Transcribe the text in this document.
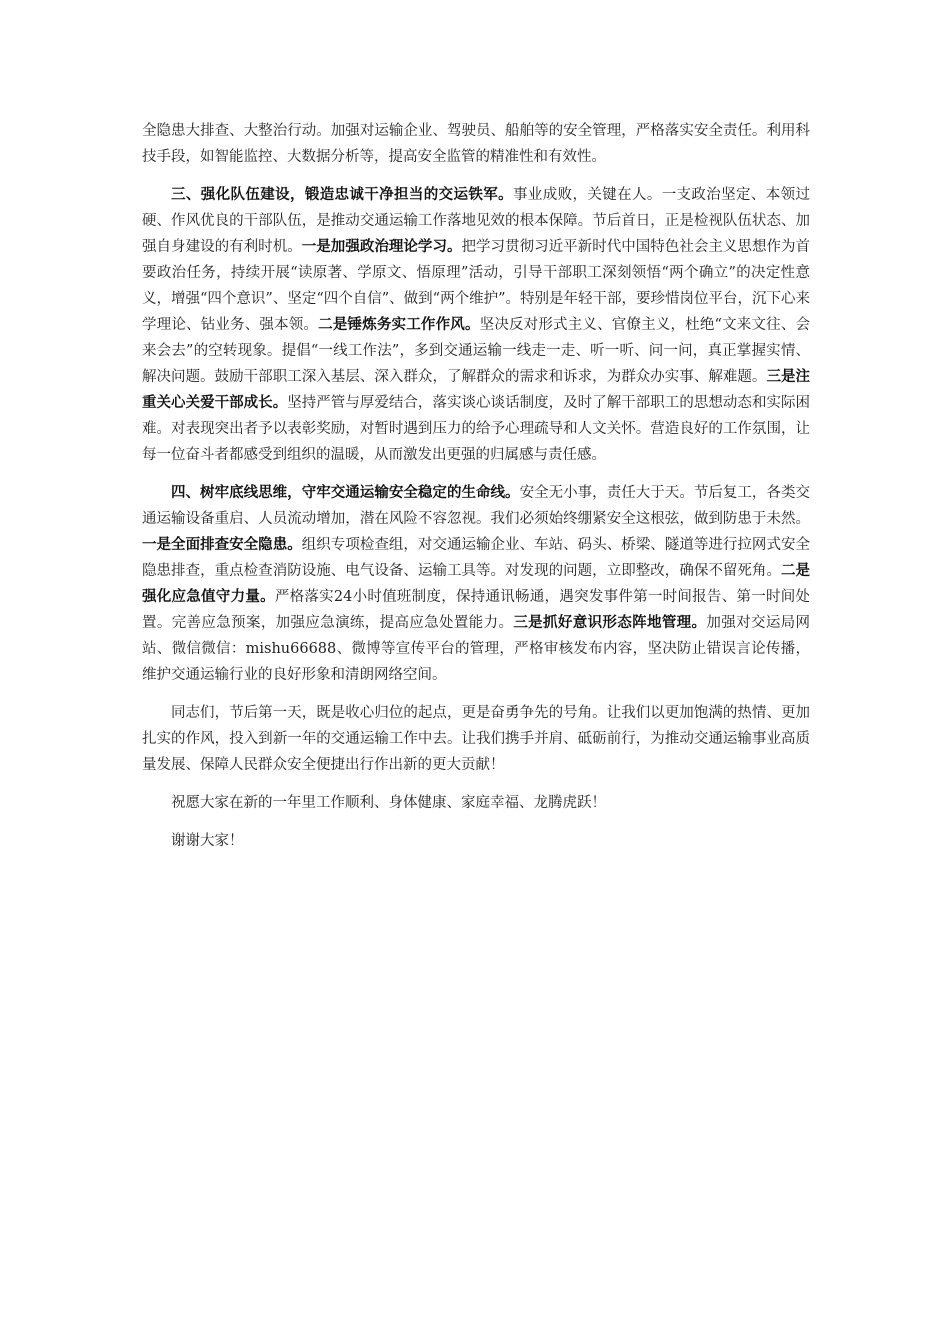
全隐患大排查、大整治行动。加强对运输企业、驾驶员、船舶等的安全管理，严格落实安全责任。利用科技手段，如智能监控、大数据分析等，提高安全监管的精准性和有效性。

三、强化队伍建设，锻造忠诚干净担当的交运铁军。事业成败，关键在人。一支政治坚定、本领过硬、作风优良的干部队伍，是推动交通运输工作落地见效的根本保障。节后首日，正是检视队伍状态、加强自身建设的有利时机。一是加强政治理论学习。把学习贯彻习近平新时代中国特色社会主义思想作为首要政治任务，持续开展“读原著、学原文、悟原理”活动，引导干部职工深刻领悟“两个确立”的决定性意义，增强“四个意识”、坚定“四个自信”、做到“两个维护”。特别是年轻干部，要珍惜岗位平台，沉下心来学理论、钻业务、强本领。二是锤炼务实工作作风。坚决反对形式主义、官僚主义，杜绝“文来文往、会来会去”的空转现象。提倡“一线工作法”，多到交通运输一线走一走、听一听、问一问，真正掌握实情、解决问题。鼓励干部职工深入基层、深入群众，了解群众的需求和诉求，为群众办实事、解难题。三是注重关心关爱干部成长。坚持严管与厚爱结合，落实谈心谈话制度，及时了解干部职工的思想动态和实际困难。对表现突出者予以表彰奖励，对暂时遇到压力的给予心理疏导和人文关怀。营造良好的工作氛围，让每一位奋斗者都感受到组织的温暖，从而激发出更强的归属感与责任感。

四、树牢底线思维，守牢交通运输安全稳定的生命线。安全无小事，责任大于天。节后复工，各类交通运输设备重启、人员流动增加，潜在风险不容忽视。我们必须始终绷紧安全这根弦，做到防患于未然。一是全面排查安全隐患。组织专项检查组，对交通运输企业、车站、码头、桥梁、隧道等进行拉网式安全隐患排查，重点检查消防设施、电气设备、运输工具等。对发现的问题，立即整改，确保不留死角。二是强化应急值守力量。严格落实24小时值班制度，保持通讯畅通，遇突发事件第一时间报告、第一时间处置。完善应急预案，加强应急演练，提高应急处置能力。三是抓好意识形态阵地管理。加强对交运局网站、微信微信：mishu66688、微博等宣传平台的管理，严格审核发布内容，坚决防止错误言论传播，维护交通运输行业的良好形象和清朗网络空间。

同志们，节后第一天，既是收心归位的起点，更是奋勇争先的号角。让我们以更加饱满的热情、更加扎实的作风，投入到新一年的交通运输工作中去。让我们携手并肩、砥砺前行，为推动交通运输事业高质量发展、保障人民群众安全便捷出行作出新的更大贡献！

祝愿大家在新的一年里工作顺利、身体健康、家庭幸福、龙腾虎跃！

谢谢大家！
